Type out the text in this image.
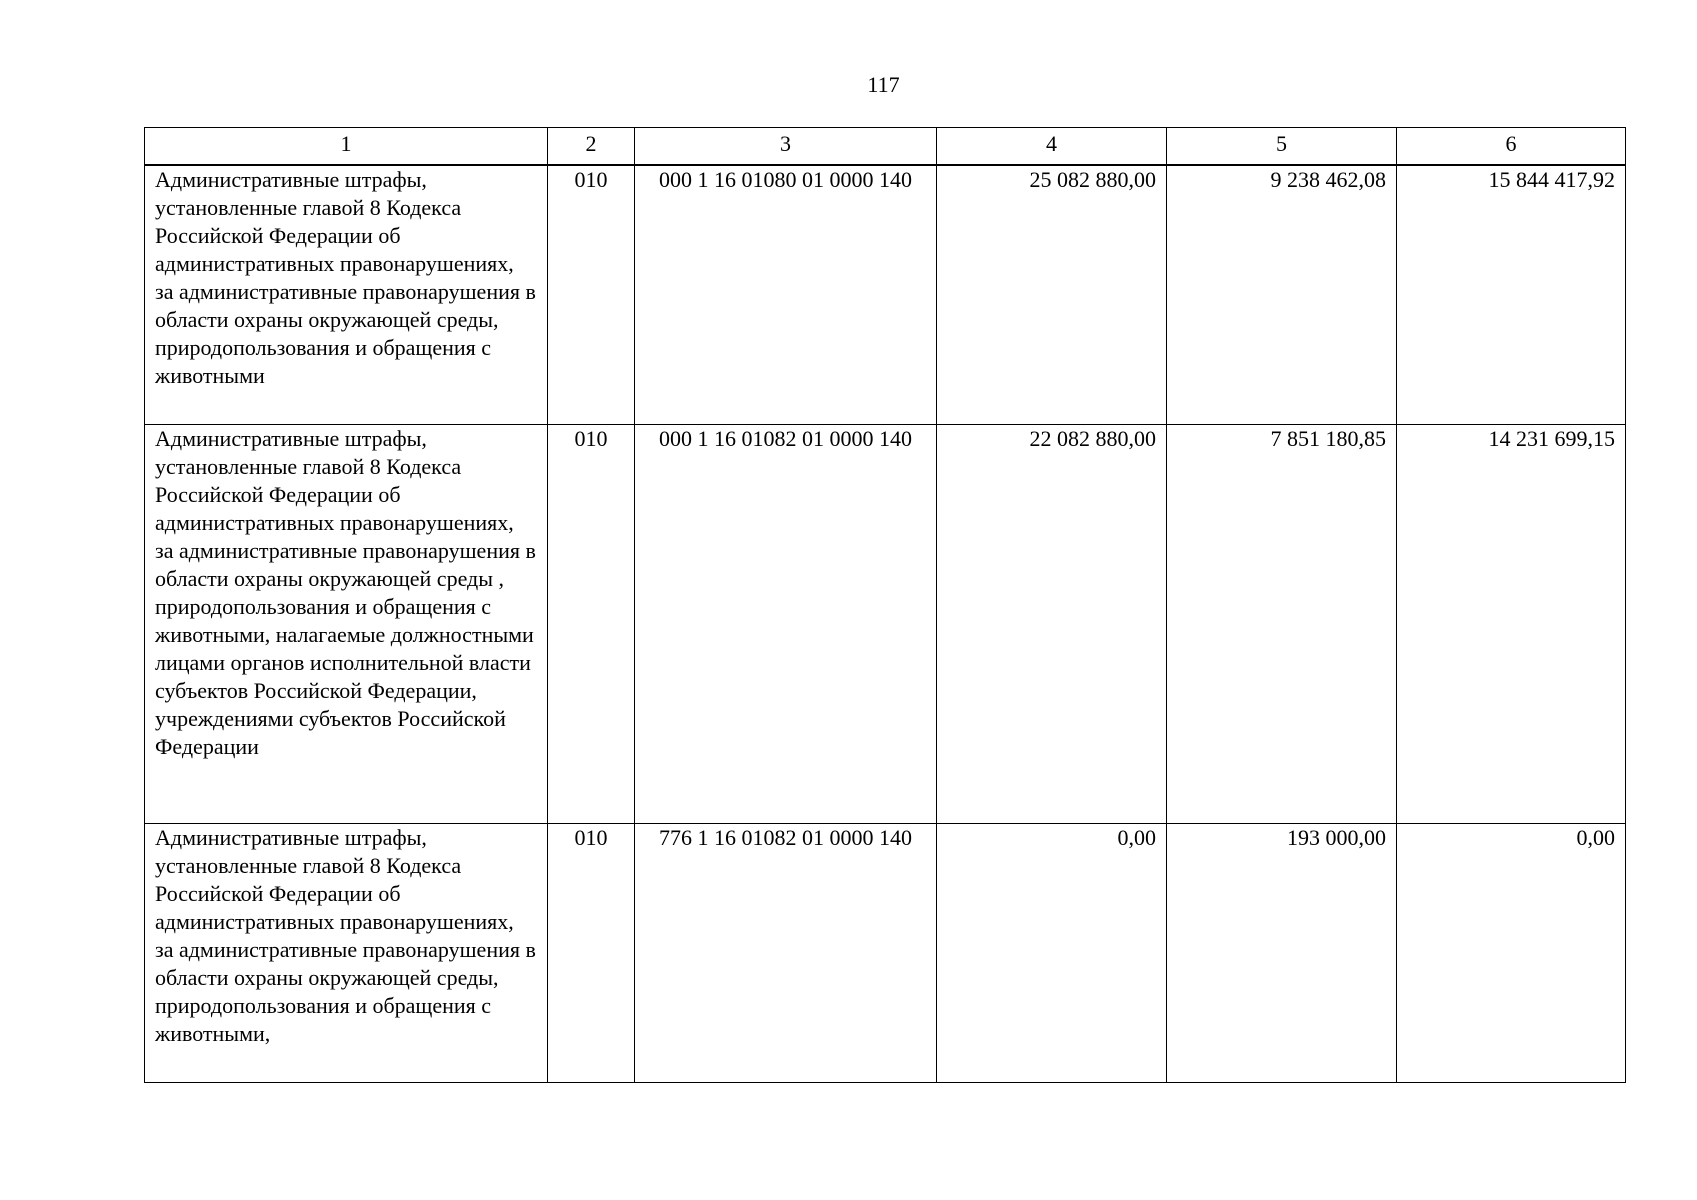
117
1	2	3	4	5	6
Административные штрафы, установленные главой 8 Кодекса Российской Федерации об административных правонарушениях, за административные правонарушения в области охраны окружающей среды, природопользования и обращения с животными	010	000 1 16 01080 01 0000 140	25 082 880,00	9 238 462,08	15 844 417,92
Административные штрафы, установленные главой 8 Кодекса Российской Федерации об административных правонарушениях, за административные правонарушения в области охраны окружающей среды , природопользования и обращения с животными, налагаемые должностными лицами органов исполнительной власти субъектов Российской Федерации, учреждениями субъектов Российской Федерации	010	000 1 16 01082 01 0000 140	22 082 880,00	7 851 180,85	14 231 699,15
Административные штрафы, установленные главой 8 Кодекса Российской Федерации об административных правонарушениях, за административные правонарушения в области охраны окружающей среды, природопользования и обращения с животными,	010	776 1 16 01082 01 0000 140	0,00	193 000,00	0,00
